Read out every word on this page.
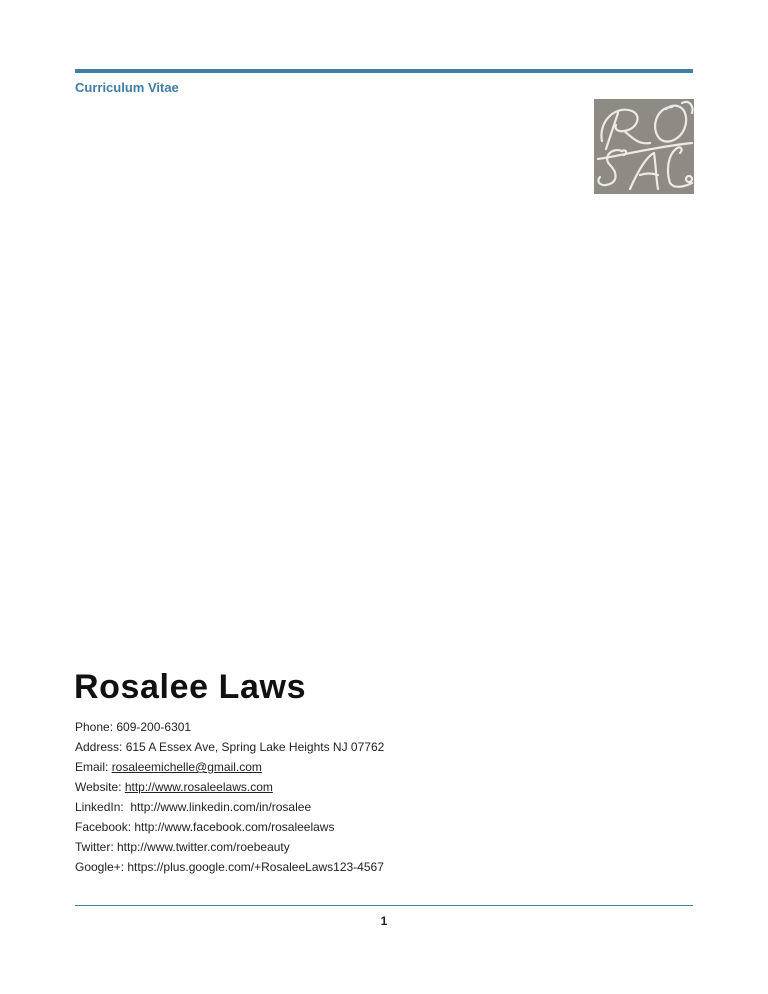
Curriculum Vitae
Rosalee Laws
Phone: 609-200-6301
Address: 615 A Essex Ave, Spring Lake Heights NJ 07762
Email: rosaleemichelle@gmail.com
Website: http://www.rosaleelaws.com
LinkedIn:  http://www.linkedin.com/in/rosalee
Facebook: http://www.facebook.com/rosaleelaws
Twitter: http://www.twitter.com/roebeauty
Google+: https://plus.google.com/+RosaleeLaws123-4567
1
